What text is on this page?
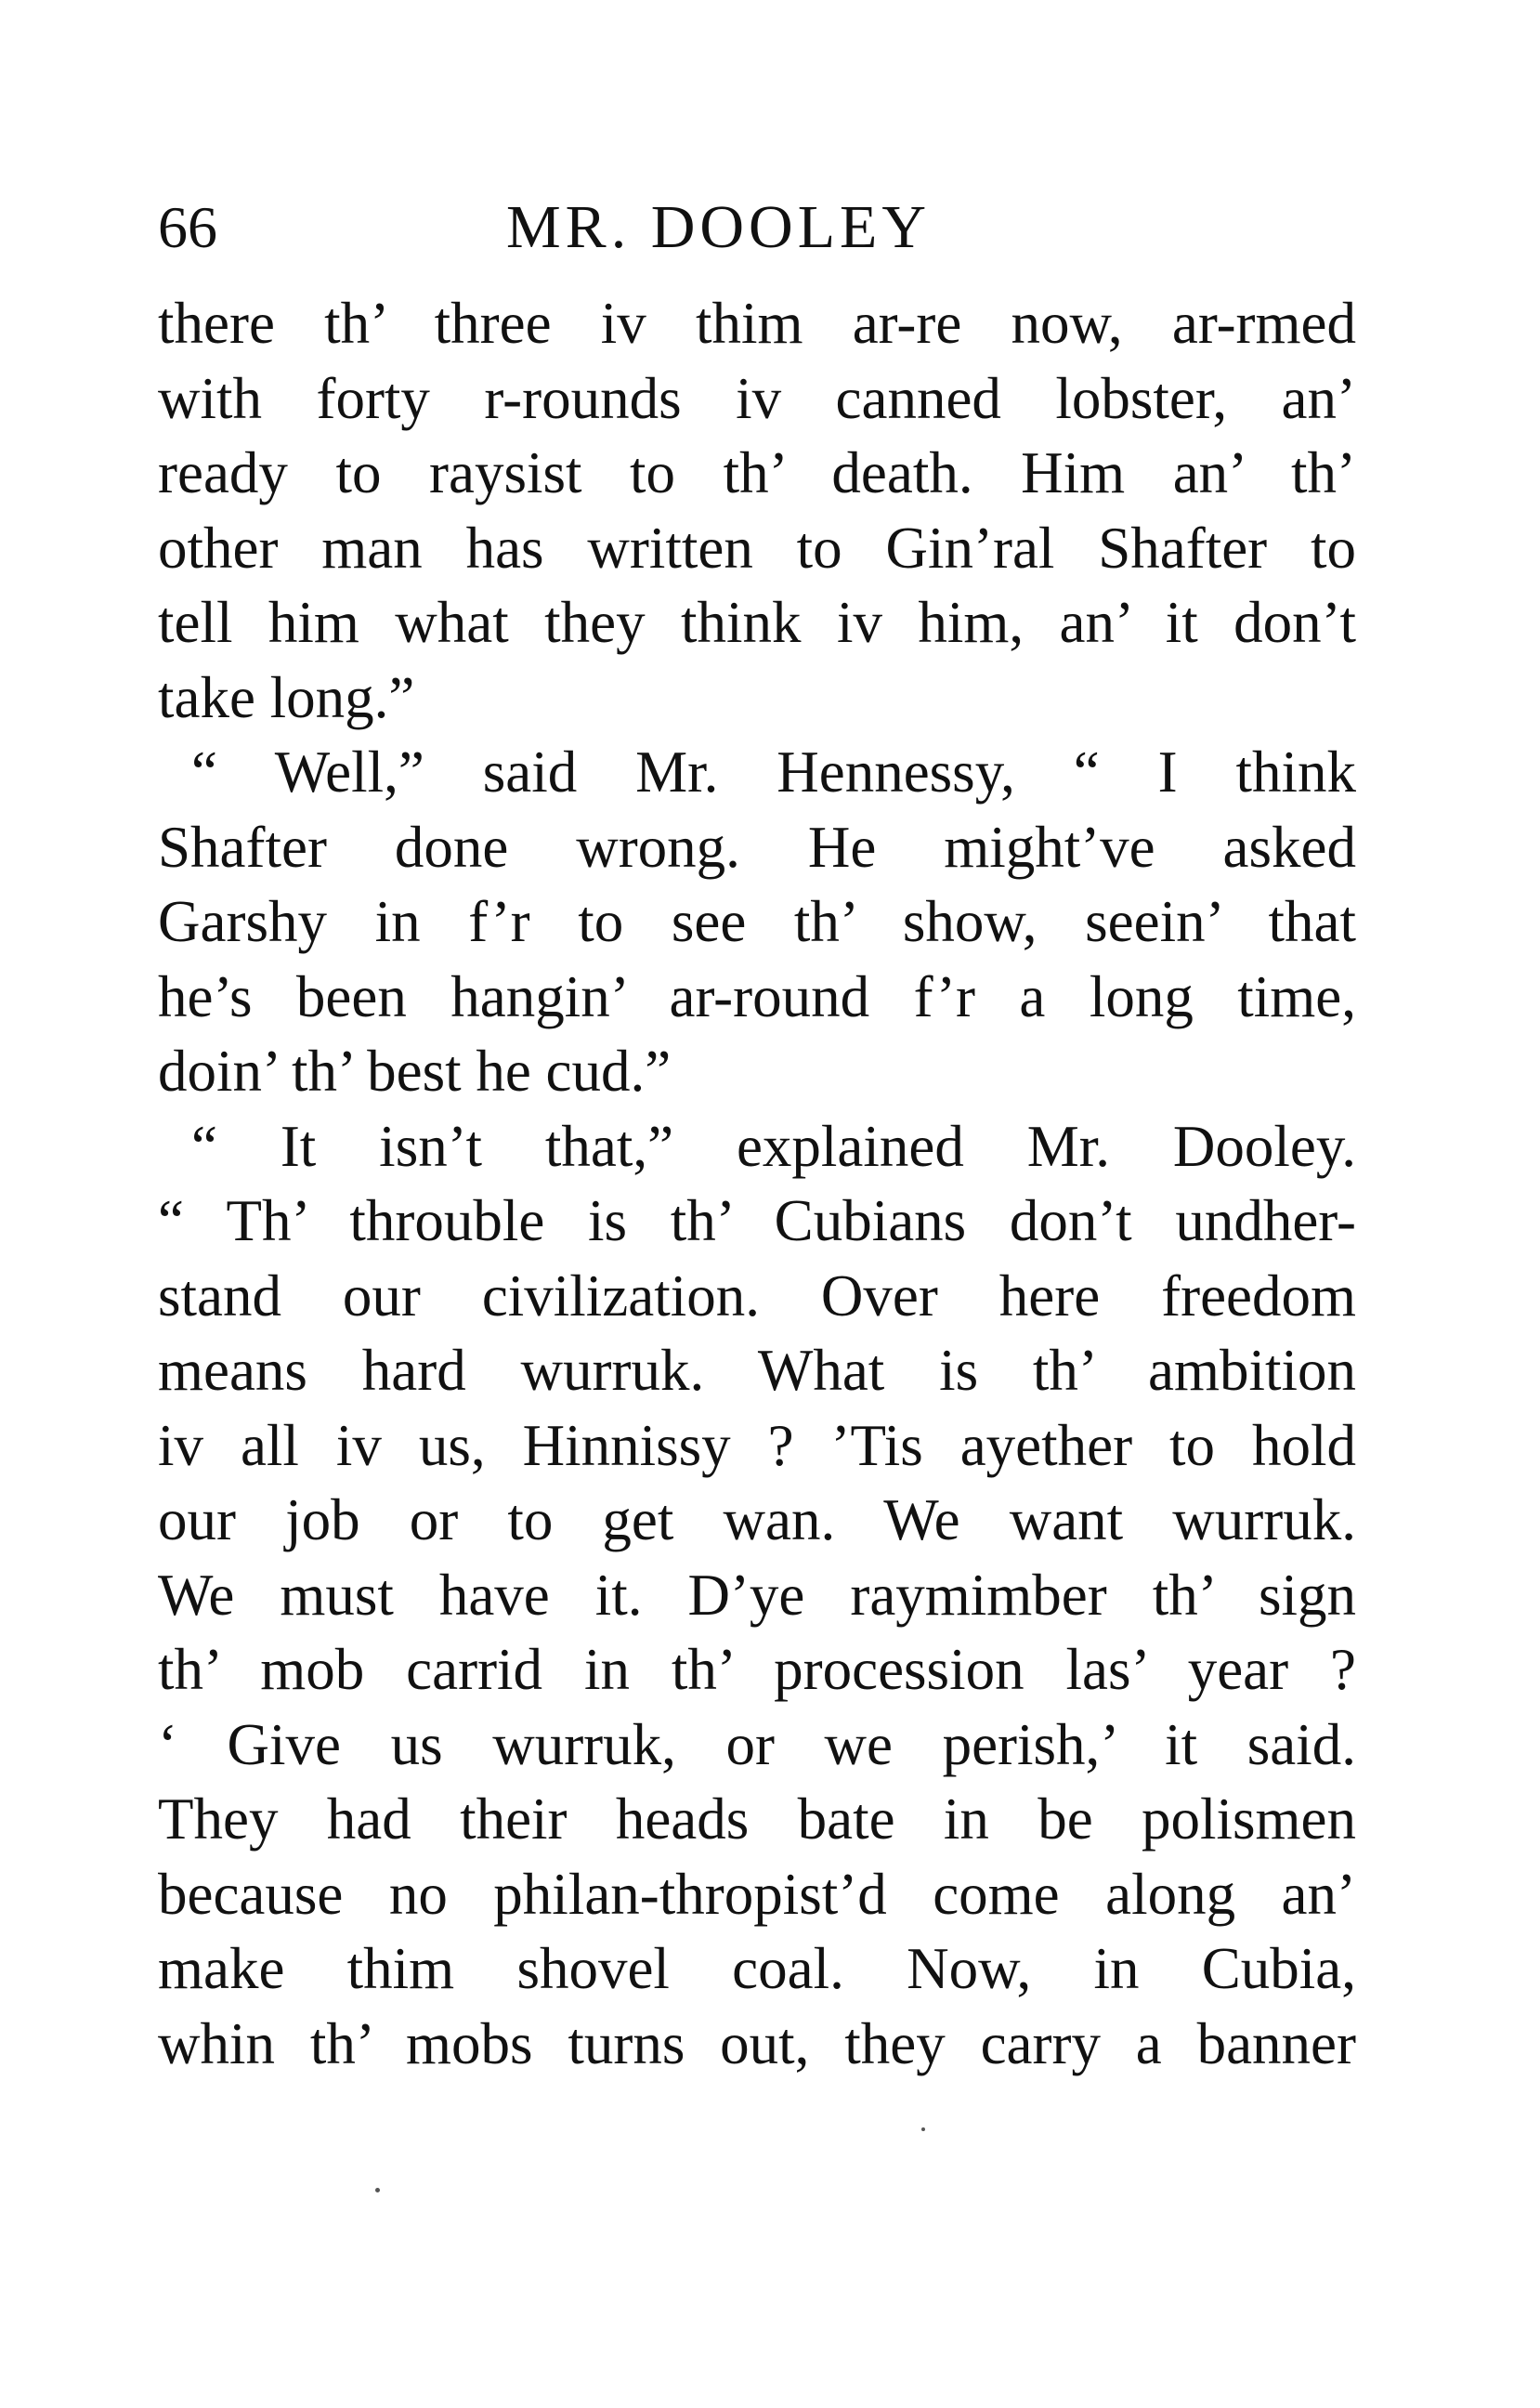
66	MR. DOOLEY
there th’ three iv thim ar-re now, ar-rmed
with forty r-rounds iv canned lobster, an’
ready to raysist to th’ death. Him an’ th’
other man has written to Gin’ral Shafter to
tell him what they think iv him, an’ it don’t
take long.”
“ Well,” said Mr. Hennessy, “ I think
Shafter done wrong. He might’ve asked
Garshy in f’r to see th’ show, seein’ that
he’s been hangin’ ar-round f’r a long time,
doin’ th’ best he cud.”
“ It isn’t that,” explained Mr. Dooley.
“ Th’ throuble is th’ Cubians don’t undher-
stand our civilization. Over here freedom
means hard wurruk. What is th’ ambition
iv all iv us, Hinnissy ? ’Tis ayether to hold
our job or to get wan. We want wurruk.
We must have it. D’ye raymimber th’ sign
th’ mob carrid in th’ procession las’ year ?
‘ Give us wurruk, or we perish,’ it said.
They had their heads bate in be polismen
because no philan-thropist’d come along an’
make thim shovel coal. Now, in Cubia,
whin th’ mobs turns out, they carry a banner
